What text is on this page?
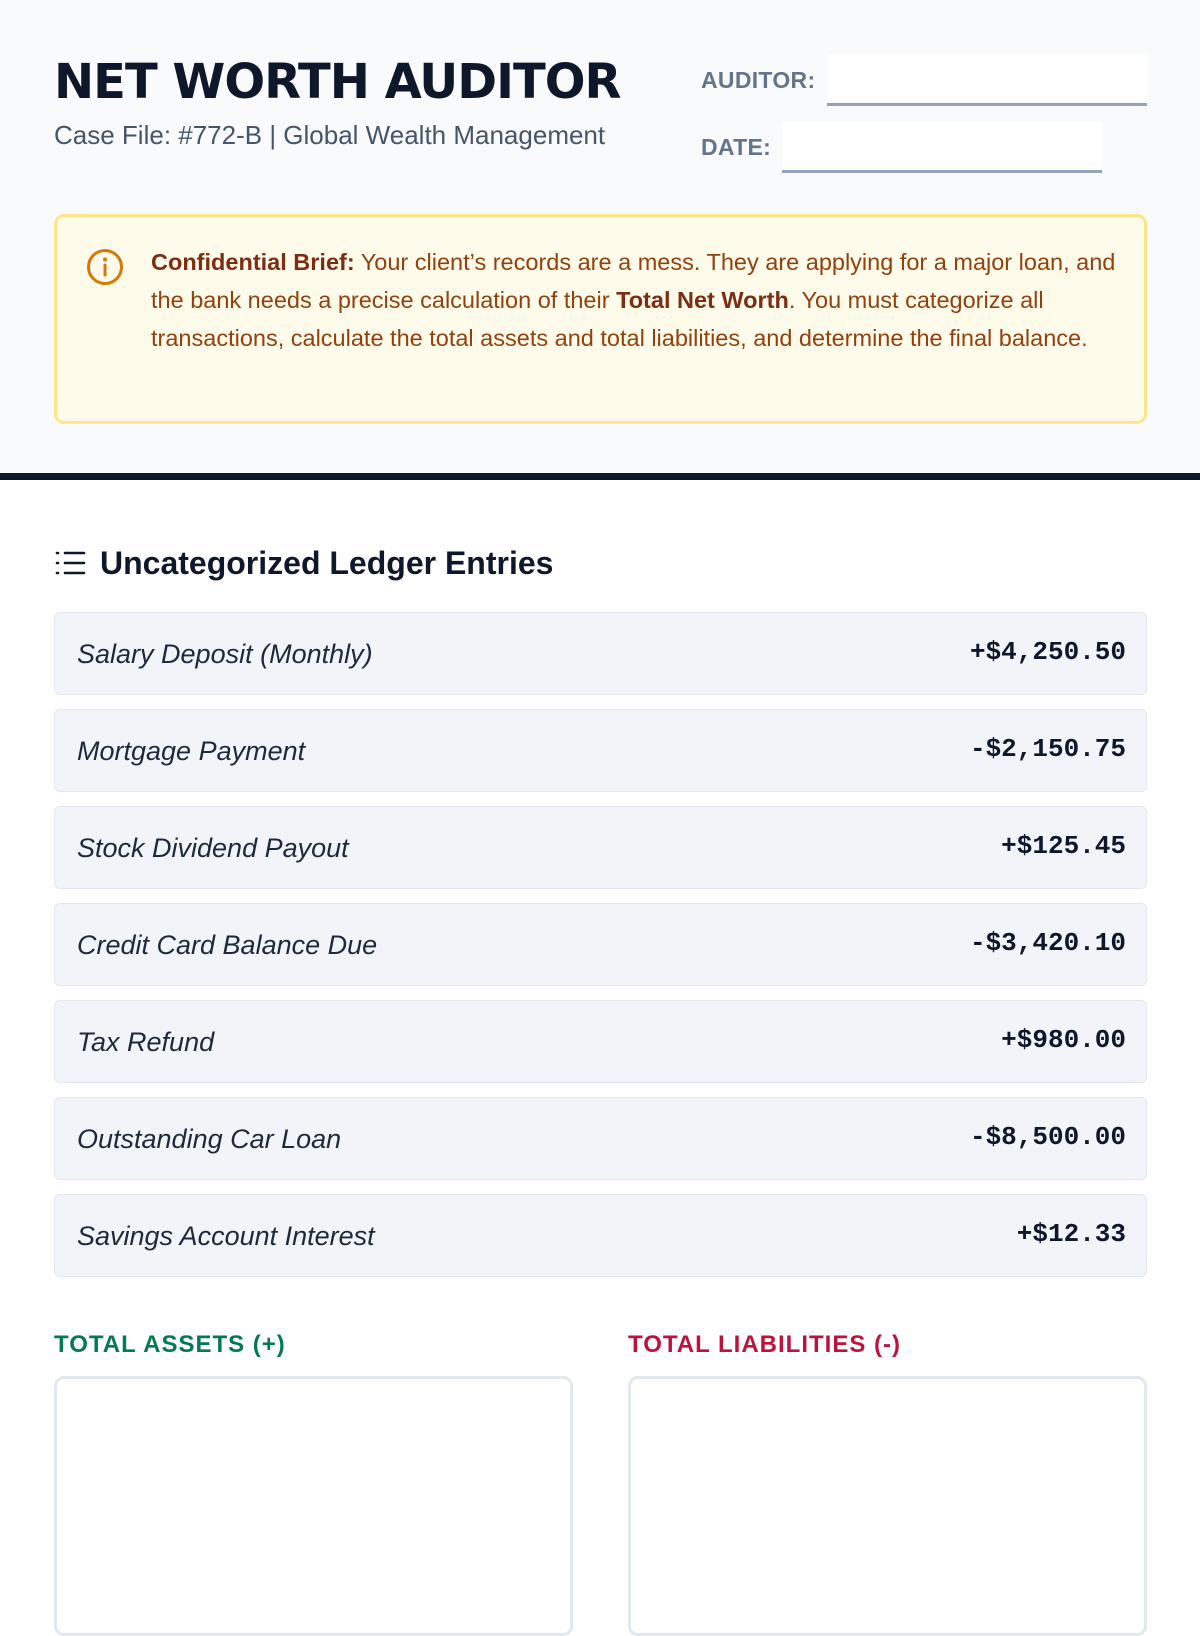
NET WORTH AUDITOR
Case File: #772-B | Global Wealth Management
AUDITOR:
DATE:

Confidential Brief: Your client’s records are a mess. They are applying for a major loan, and the bank needs a precise calculation of their Total Net Worth. You must categorize all transactions, calculate the total assets and total liabilities, and determine the final balance.

Uncategorized Ledger Entries
Salary Deposit (Monthly)	+$4,250.50
Mortgage Payment	-$2,150.75
Stock Dividend Payout	+$125.45
Credit Card Balance Due	-$3,420.10
Tax Refund	+$980.00
Outstanding Car Loan	-$8,500.00
Savings Account Interest	+$12.33
TOTAL ASSETS (+)	TOTAL LIABILITIES (-)
